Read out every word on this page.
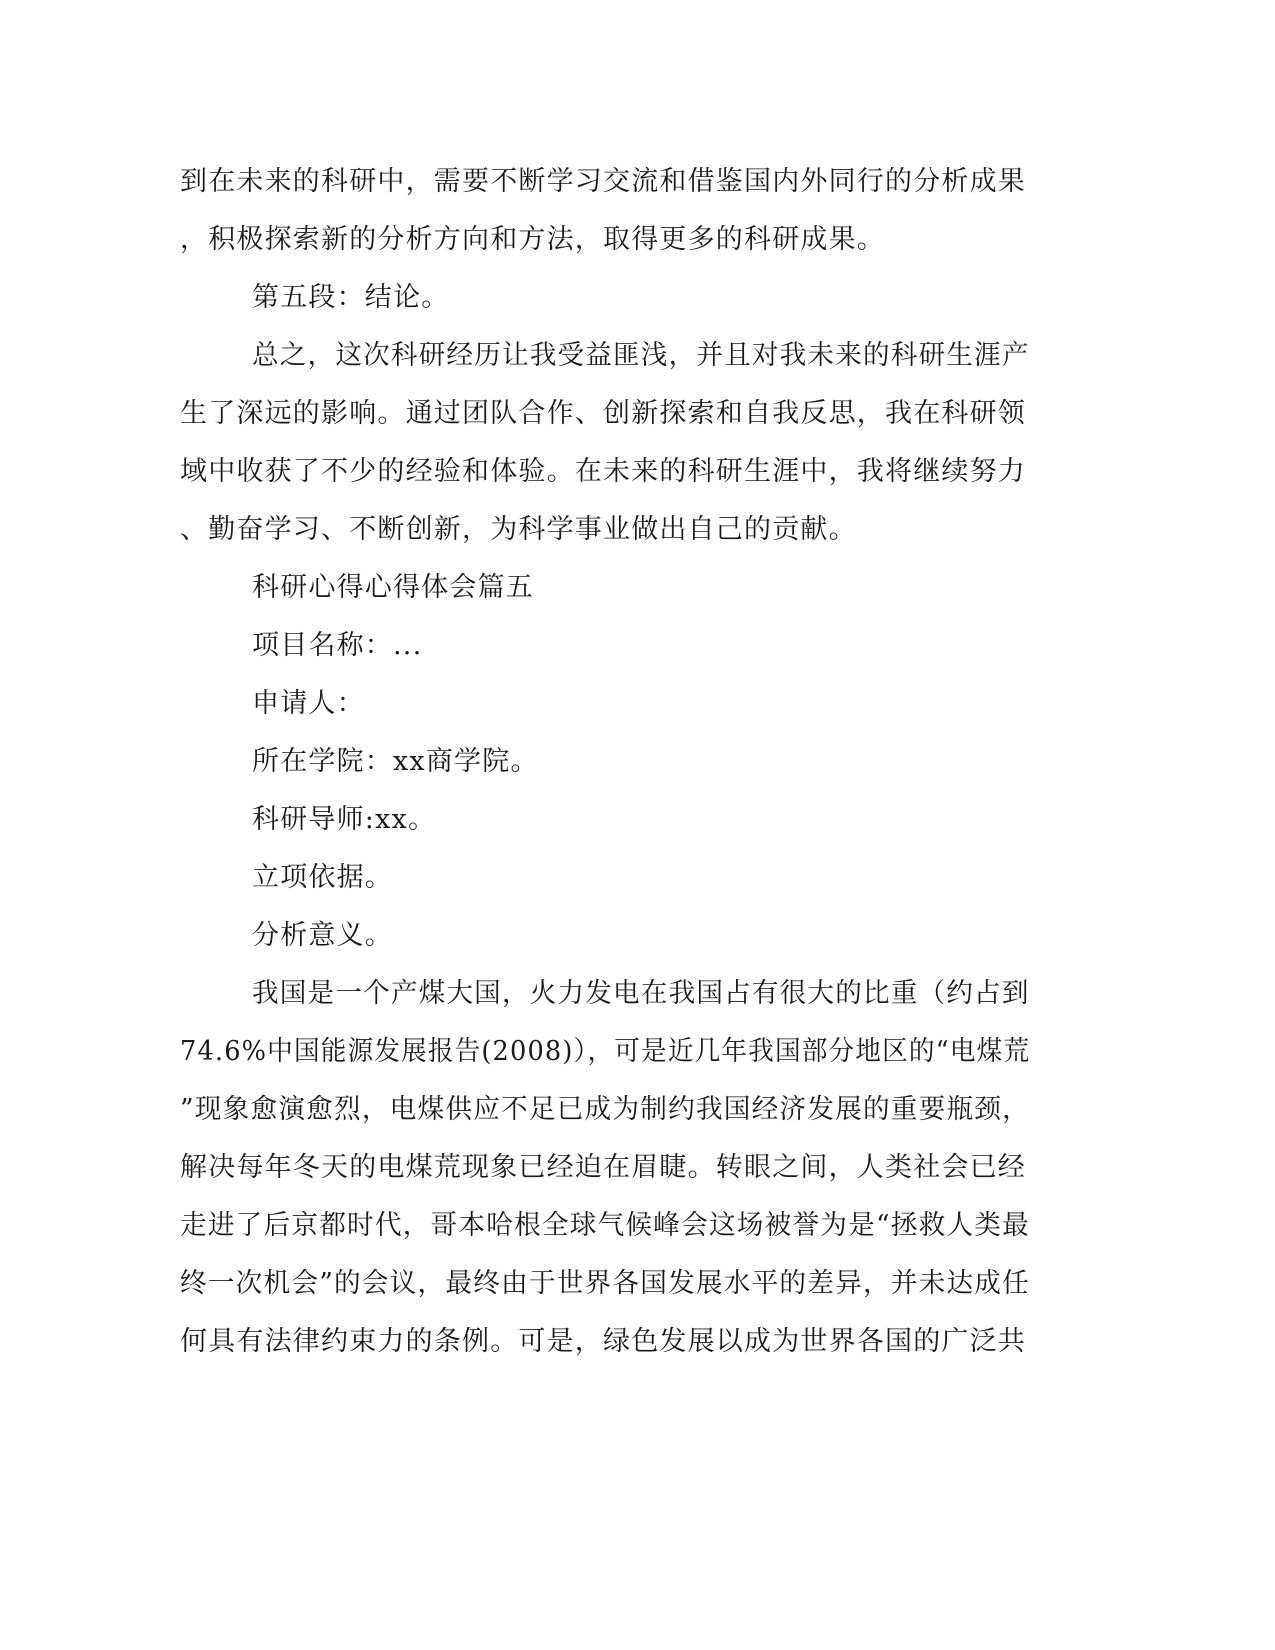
到在未来的科研中，需要不断学习交流和借鉴国内外同行的分析成果
，积极探索新的分析方向和方法，取得更多的科研成果。
第五段：结论。
总之，这次科研经历让我受益匪浅，并且对我未来的科研生涯产
生了深远的影响。通过团队合作、创新探索和自我反思，我在科研领
域中收获了不少的经验和体验。在未来的科研生涯中，我将继续努力
、勤奋学习、不断创新，为科学事业做出自己的贡献。
科研心得心得体会篇五
项目名称：...
申请人：
所在学院：xx商学院。
科研导师:xx。
立项依据。
分析意义。
我国是一个产煤大国，火力发电在我国占有很大的比重（约占到
74.6%中国能源发展报告(2008)），可是近几年我国部分地区的“电煤荒
”现象愈演愈烈，电煤供应不足已成为制约我国经济发展的重要瓶颈，
解决每年冬天的电煤荒现象已经迫在眉睫。转眼之间，人类社会已经
走进了后京都时代，哥本哈根全球气候峰会这场被誉为是“拯救人类最
终一次机会”的会议，最终由于世界各国发展水平的差异，并未达成任
何具有法律约束力的条例。可是，绿色发展以成为世界各国的广泛共
